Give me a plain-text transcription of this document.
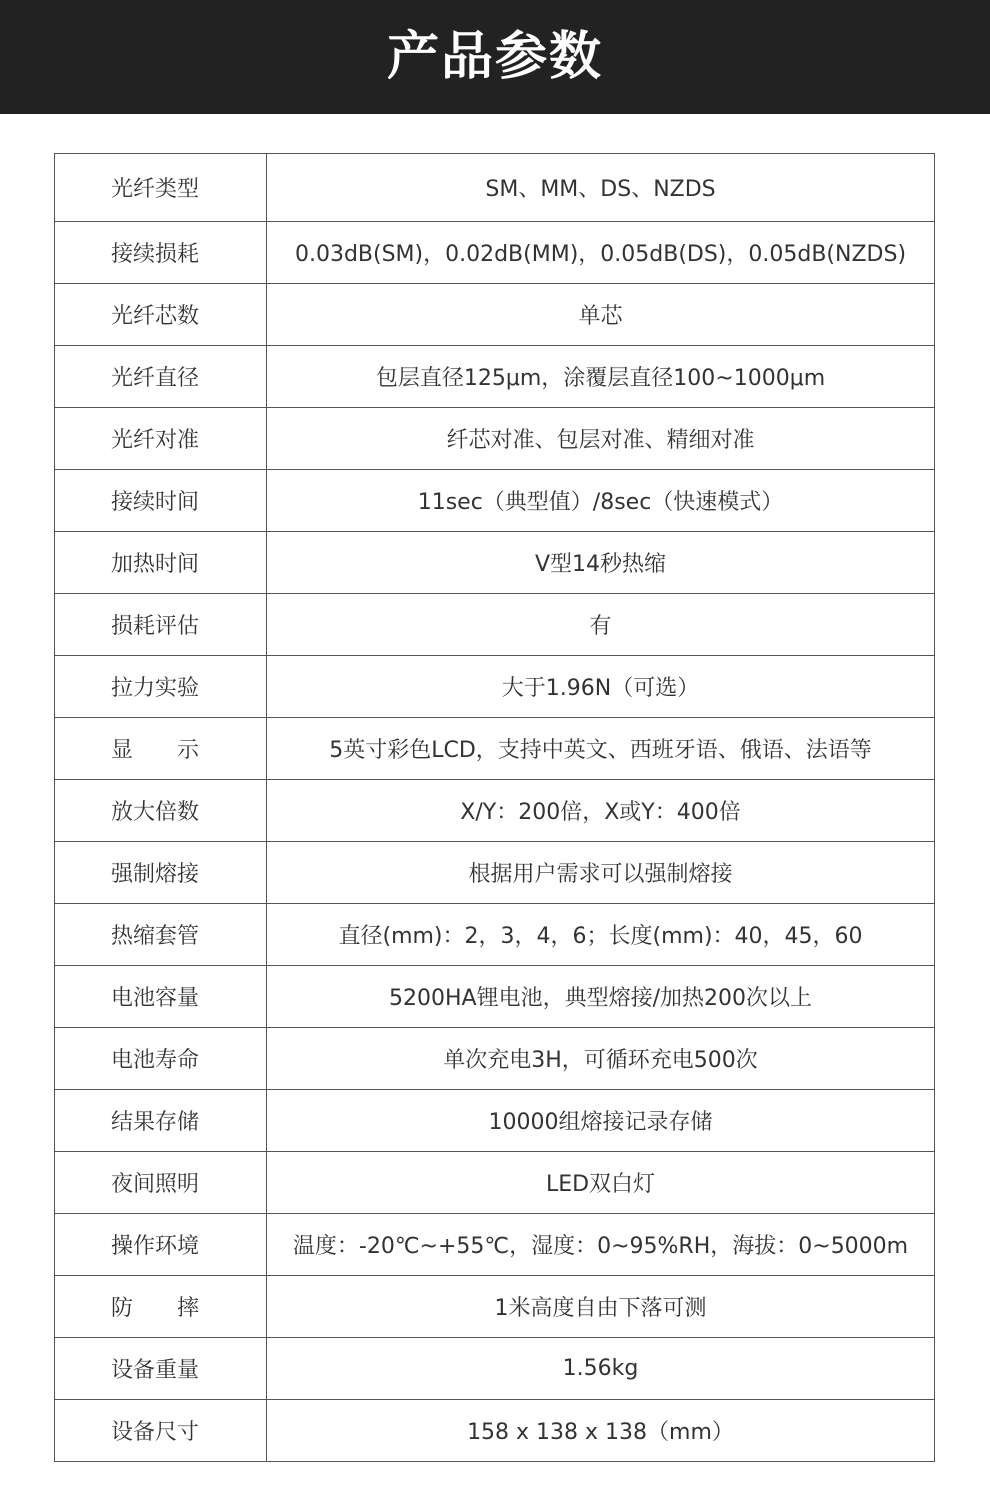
产品参数
光纤类型	SM、MM、DS、NZDS
接续损耗	0.03dB(SM)，0.02dB(MM)，0.05dB(DS)，0.05dB(NZDS)
光纤芯数	单芯
光纤直径	包层直径125μm，涂覆层直径100~1000μm
光纤对准	纤芯对准、包层对准、精细对准
接续时间	11sec（典型值）/8sec（快速模式）
加热时间	V型14秒热缩
损耗评估	有
拉力实验	大于1.96N（可选）
显　　示	5英寸彩色LCD，支持中英文、西班牙语、俄语、法语等
放大倍数	X/Y：200倍，X或Y：400倍
强制熔接	根据用户需求可以强制熔接
热缩套管	直径(mm)：2，3，4，6；长度(mm)：40，45，60
电池容量	5200HA锂电池，典型熔接/加热200次以上
电池寿命	单次充电3H，可循环充电500次
结果存储	10000组熔接记录存储
夜间照明	LED双白灯
操作环境	温度：-20℃~+55℃，湿度：0~95%RH，海拔：0~5000m
防　　摔	1米高度自由下落可测
设备重量	1.56kg
设备尺寸	158 x 138 x 138（mm）
